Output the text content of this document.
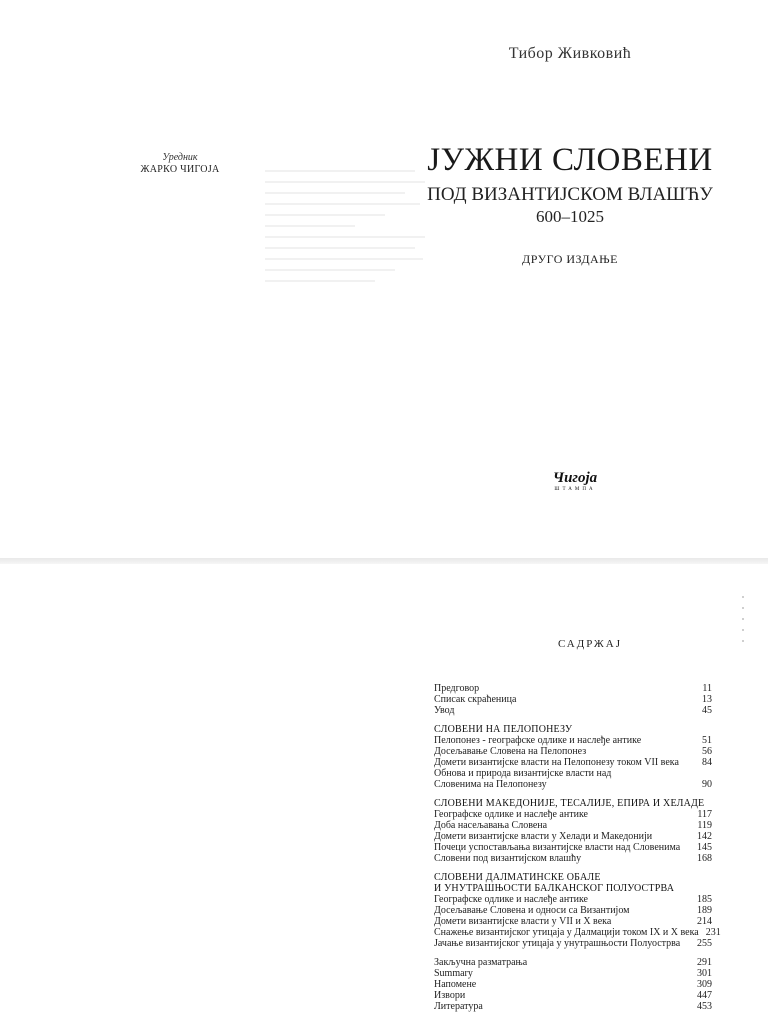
Тибор Живковић
Уредник
ЖАРКО ЧИГОЈА	ЈУЖНИ СЛОВЕНИ
ПОД ВИЗАНТИЈСКОМ ВЛАШЋУ
600–1025
ДРУГО ИЗДАЊЕ
Чигоја
ШТАМПА
САДРЖАЈ
Предговор	11
Списак скраћеница	13
Увод	45
СЛОВЕНИ НА ПЕЛОПОНЕЗУ
Пелопонез - географске одлике и наслеђе антике	51
Досељавање Словена на Пелопонез	56
Домети византијске власти на Пелопонезу током VII века	84
Обнова и природа византијске власти над
Словенима на Пелопонезу	90
СЛОВЕНИ МАКЕДОНИЈЕ, ТЕСАЛИЈЕ, ЕПИРА И ХЕЛАДЕ
Географске одлике и наслеђе антике	117
Доба насељавања Словена	119
Домети византијске власти у Хелади и Македонији	142
Почеци успостављања византијске власти над Словенима	145
Словени под византијском влашћу	168
СЛОВЕНИ ДАЛМАТИНСКЕ ОБАЛЕ
И УНУТРАШЊОСТИ БАЛКАНСКОГ ПОЛУОСТРВА
Географске одлике и наслеђе антике	185
Досељавање Словена и односи са Византијом	189
Домети византијске власти у VII и X века	214
Снажење византијског утицаја у Далмацији током IX и X века 231
Јачање византијског утицаја у унутрашњости Полуострва	255
Закључна разматрања	291
Summary	301
Напомене	309
Извори	447
Литература	453
